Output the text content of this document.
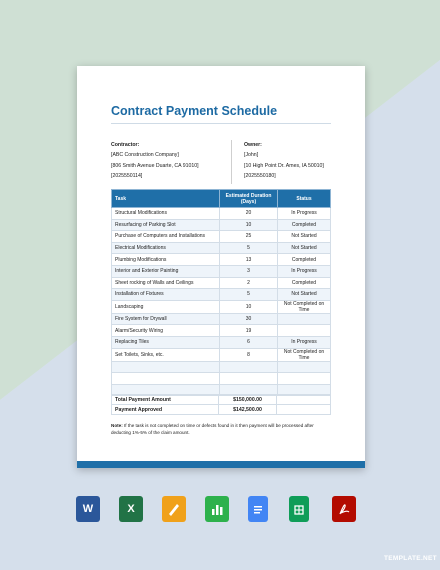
Contract Payment Schedule
Contractor:
[ABC Construction Company]
[806 Smith Avenue Duarte, CA 91010]
[2025550114]
Owner:
[John]
[10 High Point Dr. Ames, IA 50010]
[2025550180]
Task	Estimated Duration (Days)	Status
Structural Modifications	20	In Progress
Resurfacing of Parking Slot	10	Completed
Purchase of Computers and Installations	25	Not Started
Electrical Modifications	5	Not Started
Plumbing Modifications	13	Completed
Interior and Exterior Painting	3	In Progress
Sheet rocking of Walls and Ceilings	2	Completed
Installation of Fixtures	5	Not Started
Landscaping	10	Not Completed on Time
Fire System for Drywall	30	
Alarm/Security Wiring	19	
Replacing Tiles	6	In Progress
Set Toilets, Sinks, etc.	8	Not Completed on Time

Total Payment Amount	$150,000.00	
Payment Approved	$142,500.00	
Note: If the task is not completed on time or defects found in it then payment will be processed after deducting 1%-5% of the claim amount.
W	X
TEMPLATE.NET
